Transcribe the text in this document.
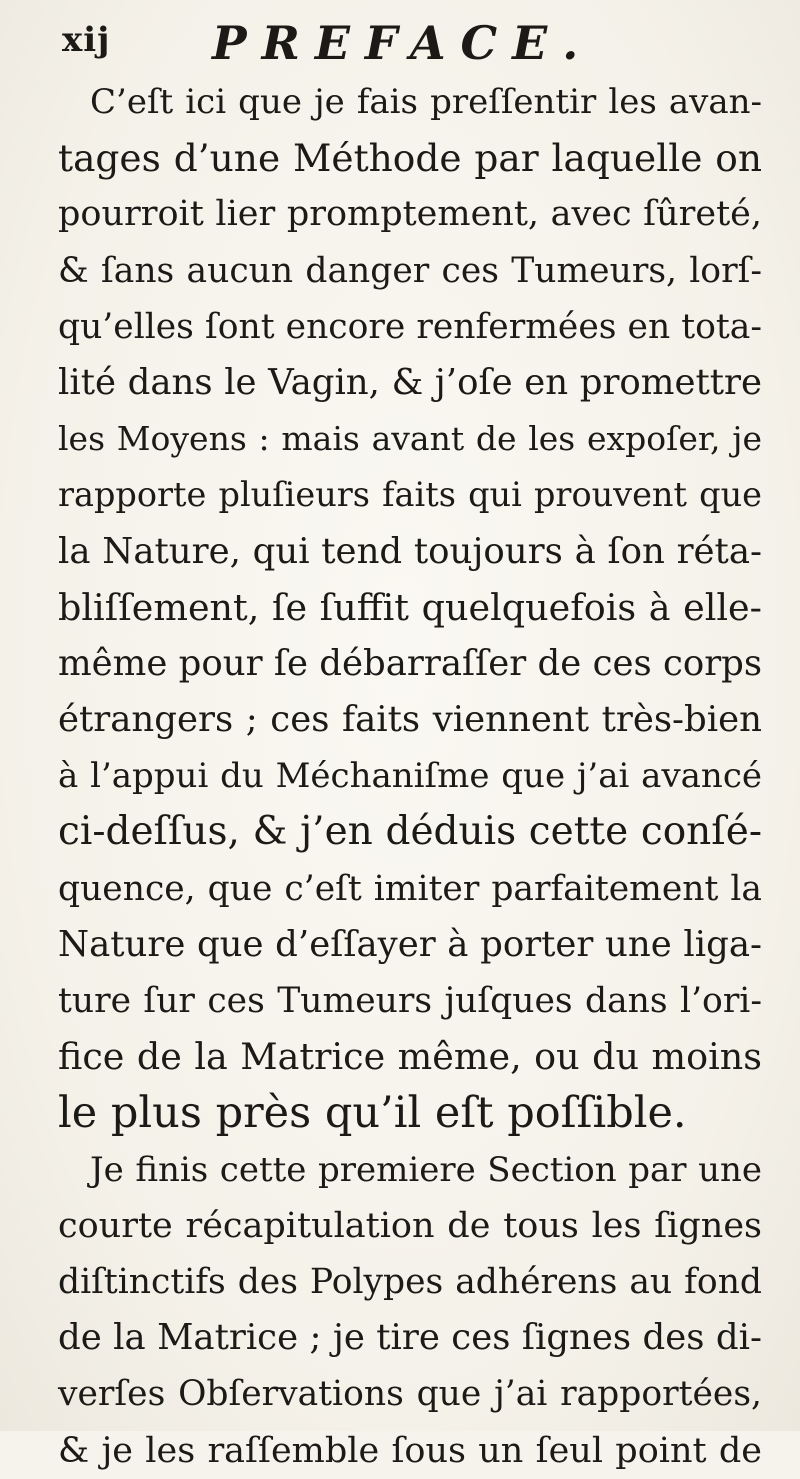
xij PREFACE.
C’eſt ici que je fais preſſentir les avan-
tages d’une Méthode par laquelle on
pourroit lier promptement, avec ſûreté,
& ſans aucun danger ces Tumeurs, lorſ-
qu’elles ſont encore renfermées en tota-
lité dans le Vagin, & j’oſe en promettre
les Moyens : mais avant de les expoſer, je
rapporte pluſieurs faits qui prouvent que
la Nature, qui tend toujours à ſon réta-
bliſſement, ſe ſuffit quelquefois à elle-
même pour ſe débarraſſer de ces corps
étrangers ; ces faits viennent très-bien
à l’appui du Méchaniſme que j’ai avancé
ci-deſſus, & j’en déduis cette conſé-
quence, que c’eſt imiter parfaitement la
Nature que d’eſſayer à porter une liga-
ture ſur ces Tumeurs juſques dans l’ori-
fice de la Matrice même, ou du moins
le plus près qu’il eſt poſſible.
Je finis cette premiere Section par une
courte récapitulation de tous les ſignes
diſtinctifs des Polypes adhérens au fond
de la Matrice ; je tire ces ſignes des di-
verſes Obſervations que j’ai rapportées,
& je les raſſemble ſous un ſeul point de
